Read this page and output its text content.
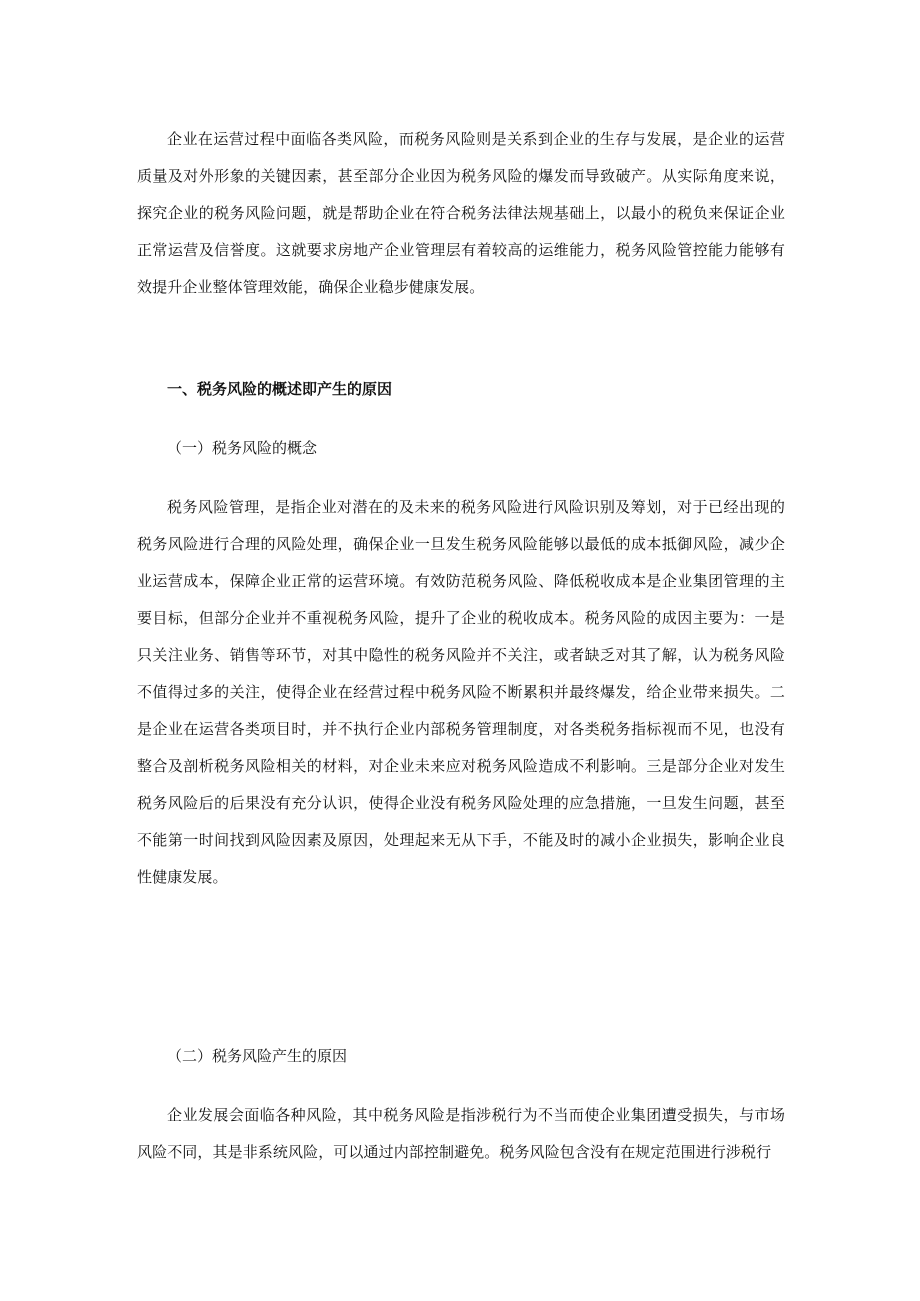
企业在运营过程中面临各类风险，而税务风险则是关系到企业的生存与发展，是企业的运营质量及对外形象的关键因素，甚至部分企业因为税务风险的爆发而导致破产。从实际角度来说，探究企业的税务风险问题，就是帮助企业在符合税务法律法规基础上，以最小的税负来保证企业正常运营及信誉度。这就要求房地产企业管理层有着较高的运维能力，税务风险管控能力能够有效提升企业整体管理效能，确保企业稳步健康发展。

一、税务风险的概述即产生的原因

（一）税务风险的概念

税务风险管理，是指企业对潜在的及未来的税务风险进行风险识别及筹划，对于已经出现的税务风险进行合理的风险处理，确保企业一旦发生税务风险能够以最低的成本抵御风险，减少企业运营成本，保障企业正常的运营环境。有效防范税务风险、降低税收成本是企业集团管理的主要目标，但部分企业并不重视税务风险，提升了企业的税收成本。税务风险的成因主要为：一是只关注业务、销售等环节，对其中隐性的税务风险并不关注，或者缺乏对其了解，认为税务风险不值得过多的关注，使得企业在经营过程中税务风险不断累积并最终爆发，给企业带来损失。二是企业在运营各类项目时，并不执行企业内部税务管理制度，对各类税务指标视而不见，也没有整合及剖析税务风险相关的材料，对企业未来应对税务风险造成不利影响。三是部分企业对发生税务风险后的后果没有充分认识，使得企业没有税务风险处理的应急措施，一旦发生问题，甚至不能第一时间找到风险因素及原因，处理起来无从下手，不能及时的减小企业损失，影响企业良性健康发展。

（二）税务风险产生的原因

企业发展会面临各种风险，其中税务风险是指涉税行为不当而使企业集团遭受损失，与市场风险不同，其是非系统风险，可以通过内部控制避免。税务风险包含没有在规定范围进行涉税行
